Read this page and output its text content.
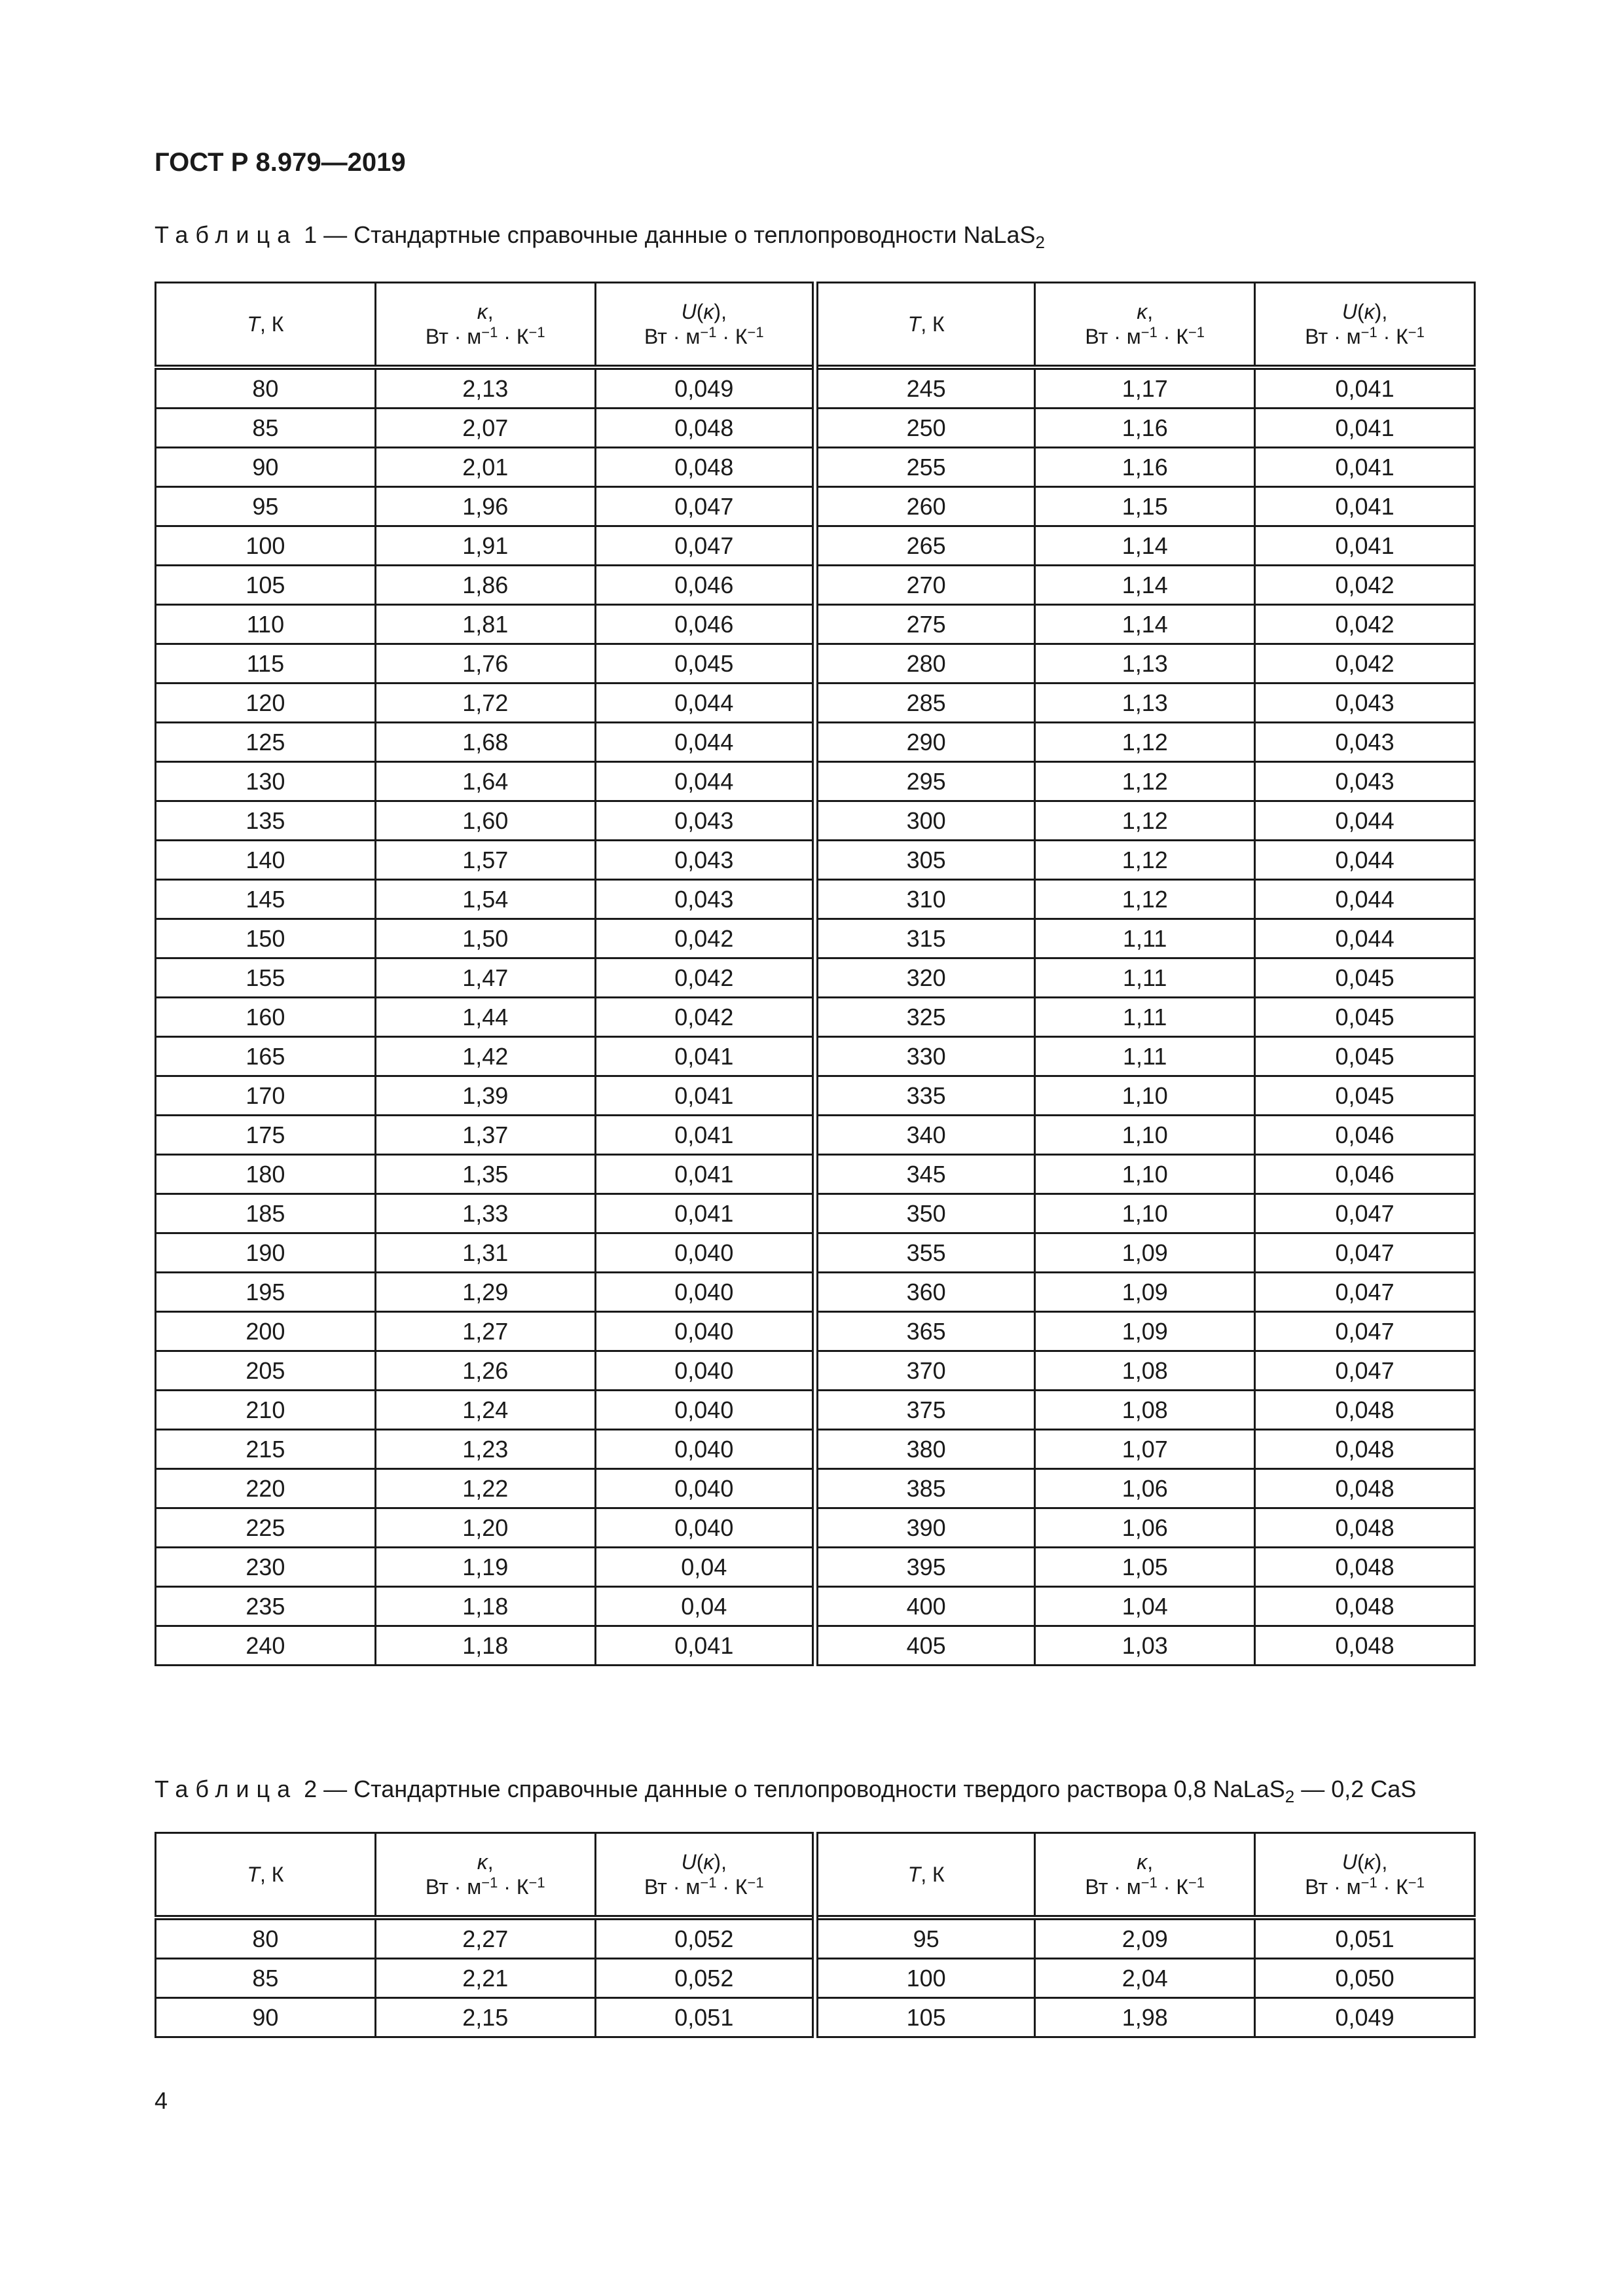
ГОСТ Р 8.979—2019
Таблица 1 — Стандартные справочные данные о теплопроводности NaLaS$_2$
T, К	κ,
Вт · $м^{-1} \cdot К^{-1}$	U(κ),
Вт · $м^{-1} \cdot К^{-1}$	T, К	κ,
Вт · $м^{-1} \cdot К^{-1}$	U(κ),
Вт · $м^{-1} \cdot К^{-1}$
80	2,13	0,049	245	1,17	0,041
85	2,07	0,048	250	1,16	0,041
90	2,01	0,048	255	1,16	0,041
95	1,96	0,047	260	1,15	0,041
100	1,91	0,047	265	1,14	0,041
105	1,86	0,046	270	1,14	0,042
110	1,81	0,046	275	1,14	0,042
115	1,76	0,045	280	1,13	0,042
120	1,72	0,044	285	1,13	0,043
125	1,68	0,044	290	1,12	0,043
130	1,64	0,044	295	1,12	0,043
135	1,60	0,043	300	1,12	0,044
140	1,57	0,043	305	1,12	0,044
145	1,54	0,043	310	1,12	0,044
150	1,50	0,042	315	1,11	0,044
155	1,47	0,042	320	1,11	0,045
160	1,44	0,042	325	1,11	0,045
165	1,42	0,041	330	1,11	0,045
170	1,39	0,041	335	1,10	0,045
175	1,37	0,041	340	1,10	0,046
180	1,35	0,041	345	1,10	0,046
185	1,33	0,041	350	1,10	0,047
190	1,31	0,040	355	1,09	0,047
195	1,29	0,040	360	1,09	0,047
200	1,27	0,040	365	1,09	0,047
205	1,26	0,040	370	1,08	0,047
210	1,24	0,040	375	1,08	0,048
215	1,23	0,040	380	1,07	0,048
220	1,22	0,040	385	1,06	0,048
225	1,20	0,040	390	1,06	0,048
230	1,19	0,04	395	1,05	0,048
235	1,18	0,04	400	1,04	0,048
240	1,18	0,041	405	1,03	0,048
Таблица 2 — Стандартные справочные данные о теплопроводности твердого раствора 0,8 NaLaS$_2$ — 0,2 CaS
T, К	κ,
Вт · $м^{-1} \cdot К^{-1}$	U(κ),
Вт · $м^{-1} \cdot К^{-1}$	T, К	κ,
Вт · $м^{-1} \cdot К^{-1}$	U(κ),
Вт · $м^{-1} \cdot К^{-1}$
80	2,27	0,052	95	2,09	0,051
85	2,21	0,052	100	2,04	0,050
90	2,15	0,051	105	1,98	0,049
4
